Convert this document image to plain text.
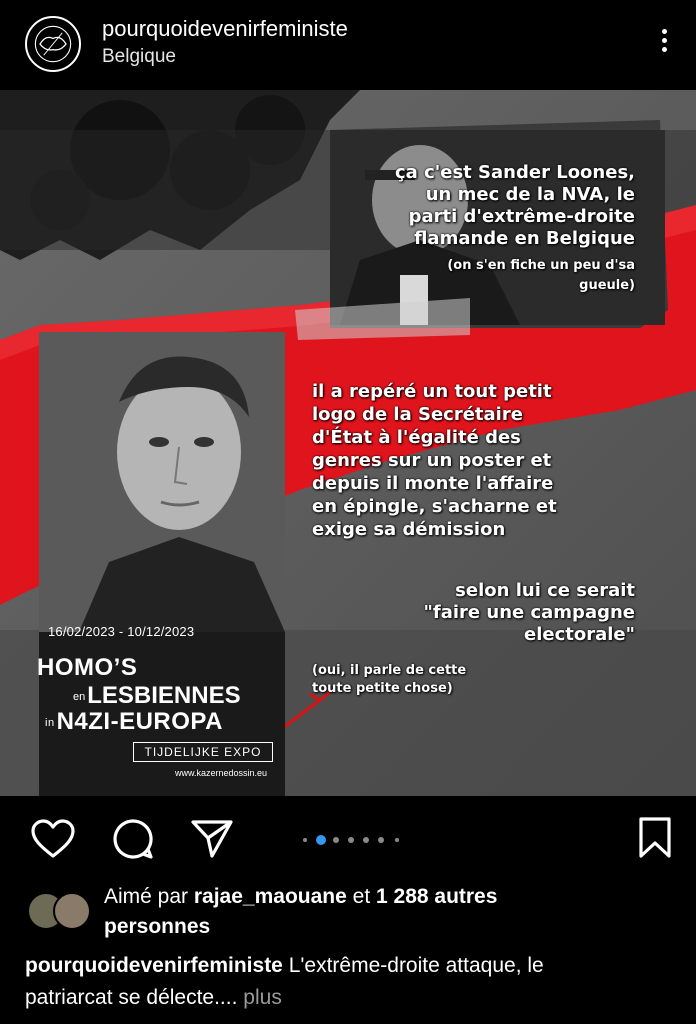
pourquoidevenirfeministe
Belgique
16/02/2023 - 10/12/2023
HOMO’S
enLESBIENNES
inN4ZI-EUROPA
TIJDELIJKE EXPO
www.kazernedossin.eu
ça c'est Sander Loones,
un mec de la NVA, le
parti d'extrême-droite
flamande en Belgique
(on s'en fiche un peu d'sa
gueule)
il a repéré un tout petit
logo de la Secrétaire
d'État à l'égalité des
genres sur un poster et
depuis il monte l'affaire
en épingle, s'acharne et
exige sa démission
selon lui ce serait
"faire une campagne
electorale"
(oui, il parle de cette
toute petite chose)
Aimé par rajae_maouane et 1 288 autres
personnes
pourquoidevenirfeministe L'extrême-droite attaque, le
patriarcat se délecte.... plus
